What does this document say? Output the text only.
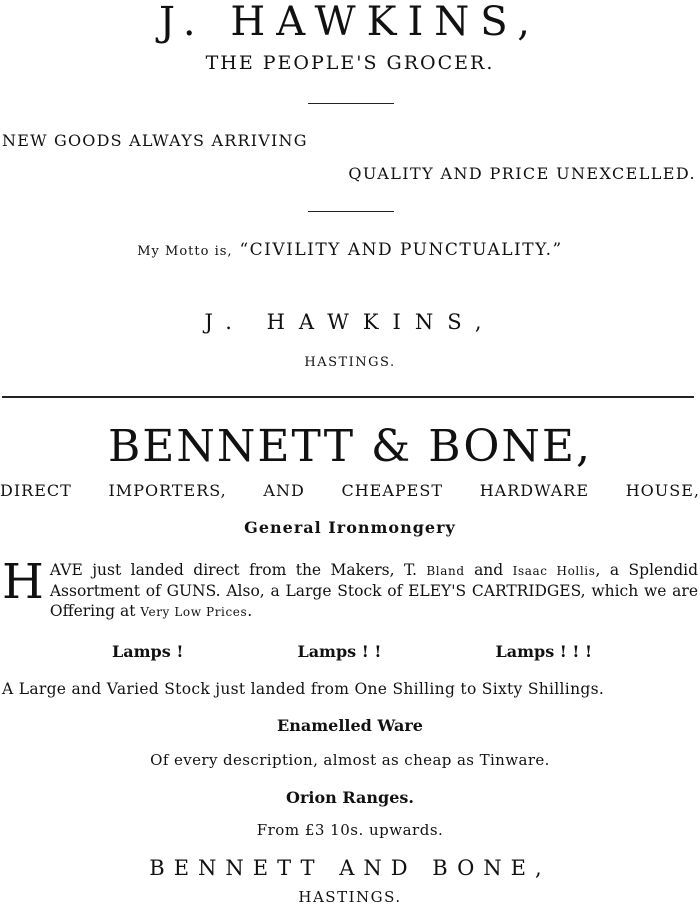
J. HAWKINS,
THE PEOPLE'S GROCER.
NEW GOODS ALWAYS ARRIVING
QUALITY AND PRICE UNEXCELLED.
My Motto is, “CIVILITY AND PUNCTUALITY.”
J. HAWKINS,
HASTINGS.
BENNETT & BONE,
DIRECT IMPORTERS, AND CHEAPEST HARDWARE HOUSE,
General Ironmongery
HAVE just landed direct from the Makers, T. Bland and Isaac Hollis, a Splendid Assortment of GUNS. Also, a Large Stock of ELEY'S CARTRIDGES, which we are Offering at Very Low Prices.
Lamps !	Lamps ! !	Lamps ! ! !
A Large and Varied Stock just landed from One Shilling to Sixty Shillings.
Enamelled Ware
Of every description, almost as cheap as Tinware.
Orion Ranges.
From £3 10s. upwards.
BENNETT AND BONE,
HASTINGS.
